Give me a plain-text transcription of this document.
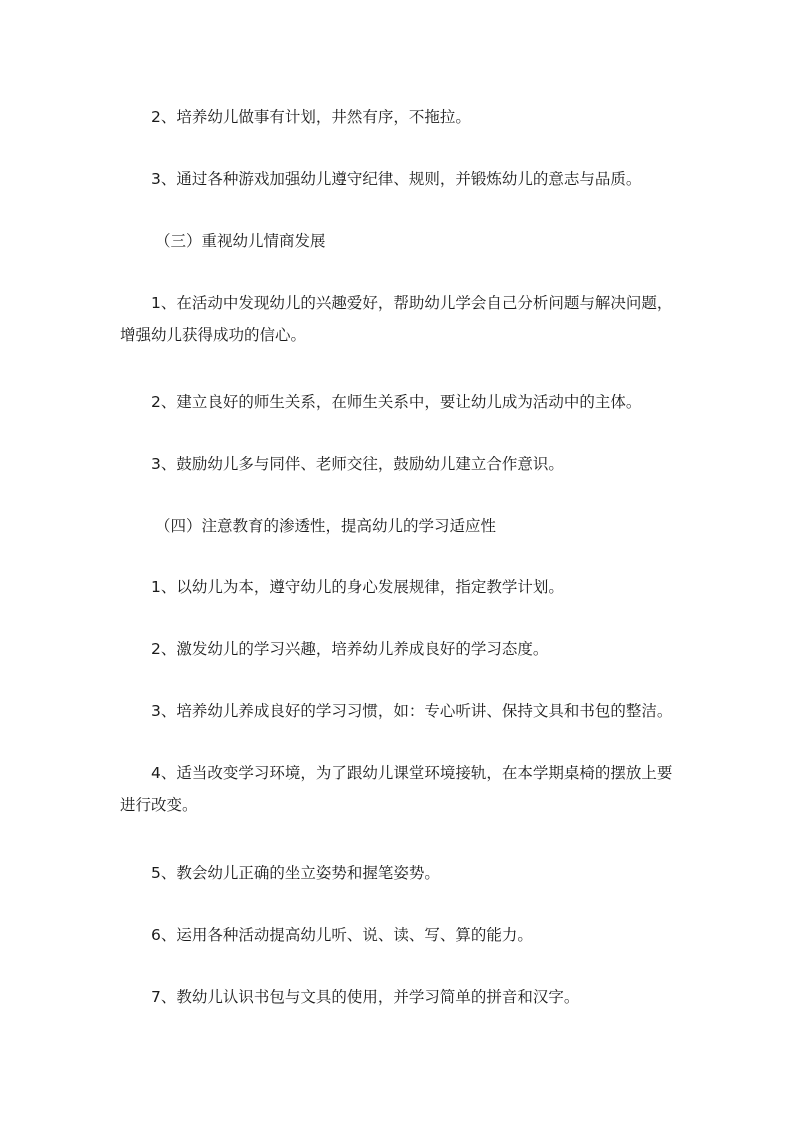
2、培养幼儿做事有计划，井然有序，不拖拉。

3、通过各种游戏加强幼儿遵守纪律、规则，并锻炼幼儿的意志与品质。

（三）重视幼儿情商发展

1、在活动中发现幼儿的兴趣爱好，帮助幼儿学会自己分析问题与解决问题，增强幼儿获得成功的信心。

2、建立良好的师生关系，在师生关系中，要让幼儿成为活动中的主体。

3、鼓励幼儿多与同伴、老师交往，鼓励幼儿建立合作意识。

（四）注意教育的渗透性，提高幼儿的学习适应性

1、以幼儿为本，遵守幼儿的身心发展规律，指定教学计划。

2、激发幼儿的学习兴趣，培养幼儿养成良好的学习态度。

3、培养幼儿养成良好的学习习惯，如：专心听讲、保持文具和书包的整洁。

4、适当改变学习环境，为了跟幼儿课堂环境接轨，在本学期桌椅的摆放上要进行改变。

5、教会幼儿正确的坐立姿势和握笔姿势。

6、运用各种活动提高幼儿听、说、读、写、算的能力。

7、教幼儿认识书包与文具的使用，并学习简单的拼音和汉字。
